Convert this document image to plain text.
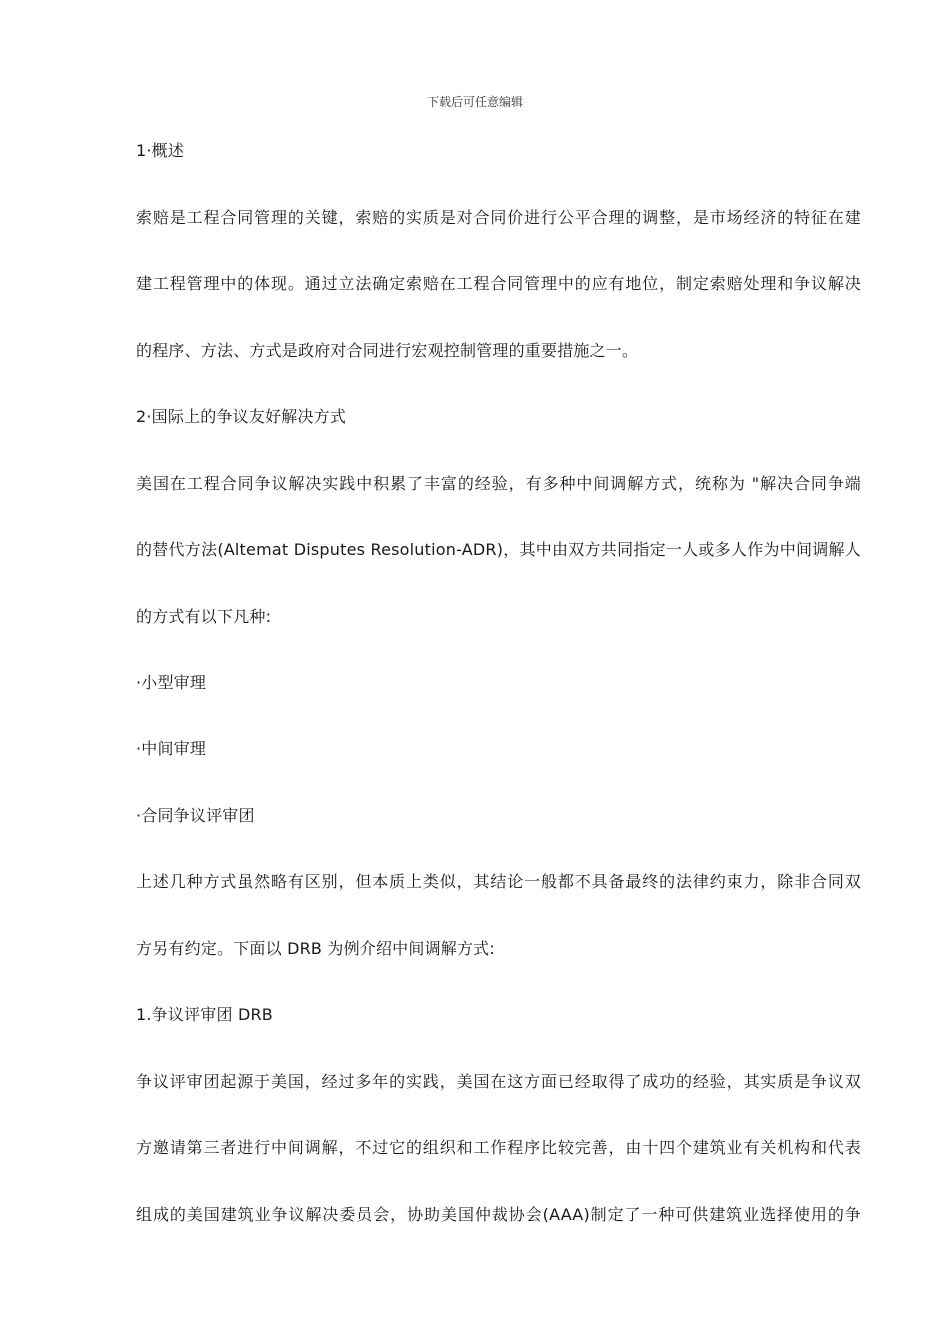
下载后可任意编辑
1·概述
索赔是工程合同管理的关键，索赔的实质是对合同价进行公平合理的调整，是市场经济的特征在建
建工程管理中的体现。通过立法确定索赔在工程合同管理中的应有地位，制定索赔处理和争议解决
的程序、方法、方式是政府对合同进行宏观控制管理的重要措施之一。
2·国际上的争议友好解决方式
美国在工程合同争议解决实践中积累了丰富的经验，有多种中间调解方式，统称为 "解决合同争端
的替代方法(Altemat Disputes Resolution-ADR)，其中由双方共同指定一人或多人作为中间调解人
的方式有以下凡种:
·小型审理
·中间审理
·合同争议评审团
上述几种方式虽然略有区别，但本质上类似，其结论一般都不具备最终的法律约束力，除非合同双
方另有约定。下面以 DRB 为例介绍中间调解方式:
1.争议评审团 DRB
争议评审团起源于美国，经过多年的实践，美国在这方面已经取得了成功的经验，其实质是争议双
方邀请第三者进行中间调解，不过它的组织和工作程序比较完善，由十四个建筑业有关机构和代表
组成的美国建筑业争议解决委员会，协助美国仲裁协会(AAA)制定了一种可供建筑业选择使用的争
